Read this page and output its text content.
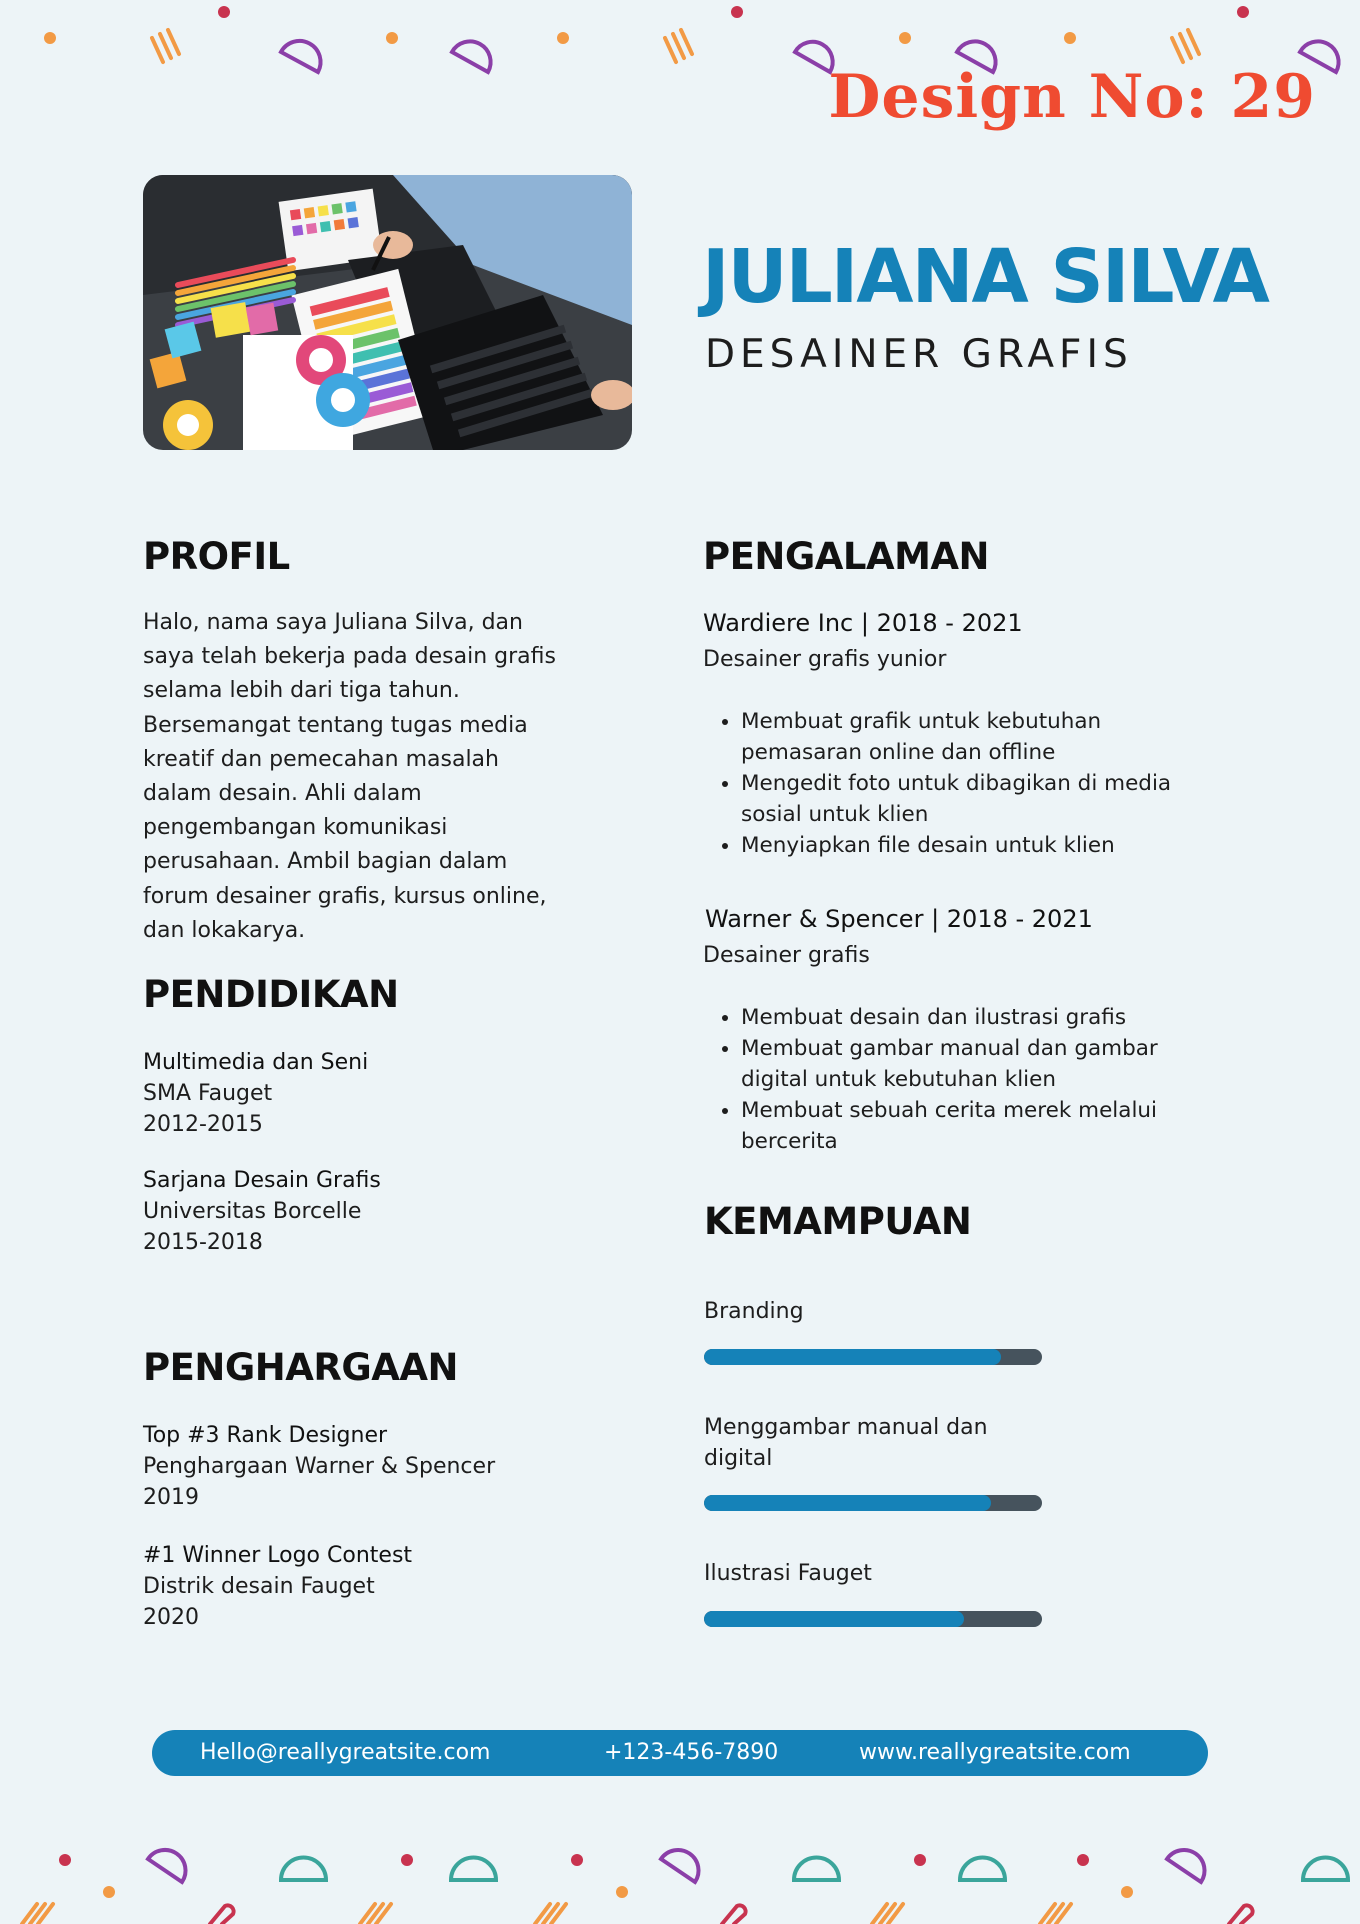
Design No: 29
JULIANA SILVA
DESAINER GRAFIS
PROFIL
Halo, nama saya Juliana Silva, dan
saya telah bekerja pada desain grafis
selama lebih dari tiga tahun.
Bersemangat tentang tugas media
kreatif dan pemecahan masalah
dalam desain. Ahli dalam
pengembangan komunikasi
perusahaan. Ambil bagian dalam
forum desainer grafis, kursus online,
dan lokakarya.
PENDIDIKAN
Multimedia dan Seni
SMA Fauget
2012-2015
Sarjana Desain Grafis
Universitas Borcelle
2015-2018
PENGHARGAAN
Top #3 Rank Designer
Penghargaan Warner & Spencer
2019
#1 Winner Logo Contest
Distrik desain Fauget
2020
PENGALAMAN

Wardiere Inc | 2018 - 2021

Desainer grafis yunior

• Membuat grafik untuk kebutuhan pemasaran online dan offline
• Mengedit foto untuk dibagikan di media sosial untuk klien
• Menyiapkan file desain untuk klien

Warner & Spencer | 2018 - 2021

Desainer grafis

• Membuat desain dan ilustrasi grafis
• Membuat gambar manual dan gambar digital untuk kebutuhan klien
• Membuat sebuah cerita merek melalui bercerita
KEMAMPUAN

Branding

Menggambar manual dan digital

Ilustrasi Fauget

Hello@reallygreatsite.com	+123-456-7890	www.reallygreatsite.com
